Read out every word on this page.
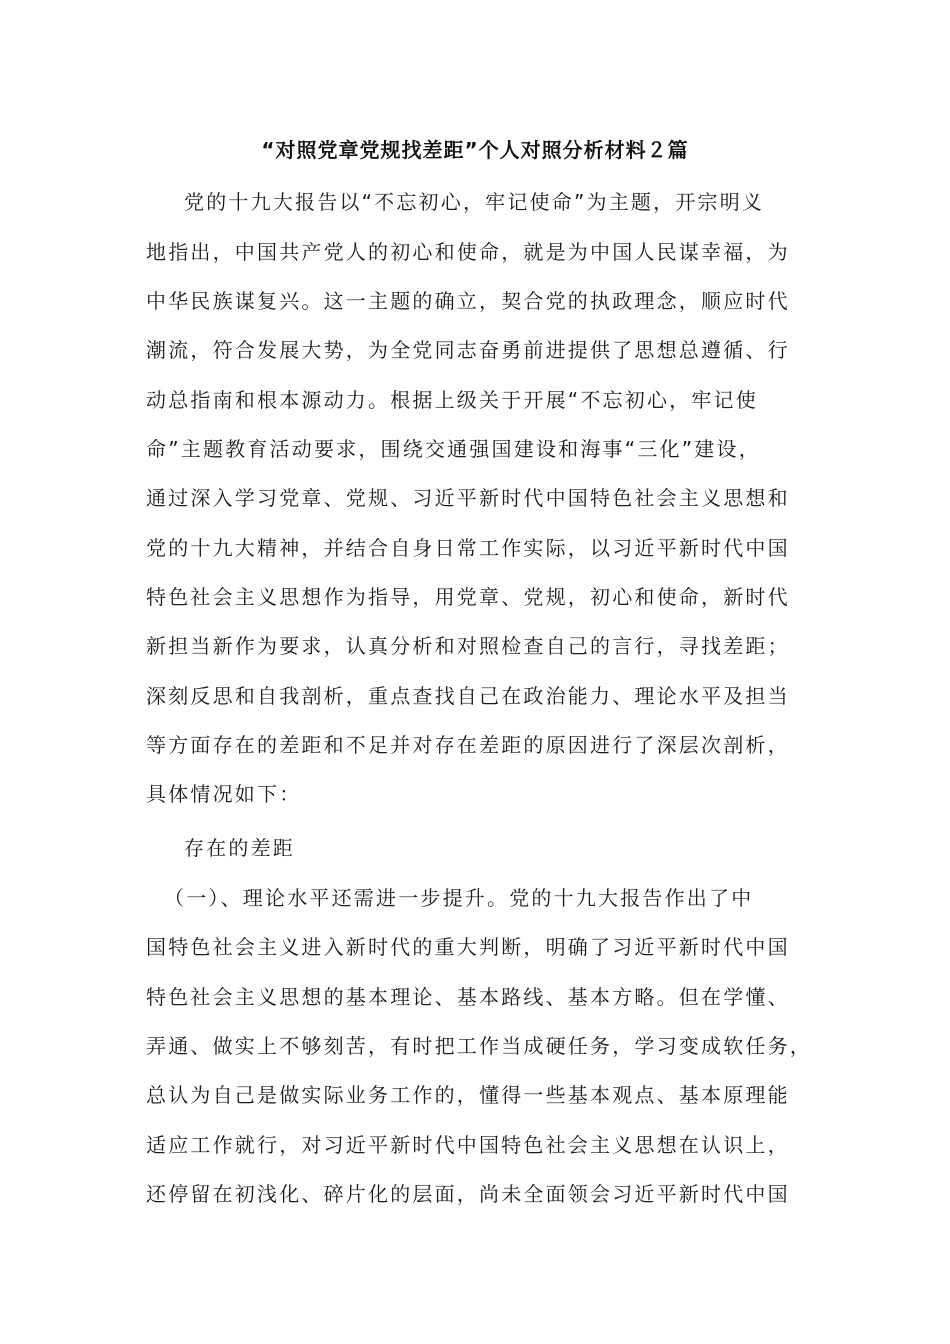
“对照党章党规找差距”个人对照分析材料２篇
党的十九大报告以“不忘初心，牢记使命”为主题，开宗明义
地指出，中国共产党人的初心和使命，就是为中国人民谋幸福，为
中华民族谋复兴。这一主题的确立，契合党的执政理念，顺应时代
潮流，符合发展大势，为全党同志奋勇前进提供了思想总遵循、行
动总指南和根本源动力。根据上级关于开展“不忘初心，牢记使
命”主题教育活动要求，围绕交通强国建设和海事“三化”建设，
通过深入学习党章、党规、习近平新时代中国特色社会主义思想和
党的十九大精神，并结合自身日常工作实际，以习近平新时代中国
特色社会主义思想作为指导，用党章、党规，初心和使命，新时代
新担当新作为要求，认真分析和对照检查自己的言行，寻找差距；
深刻反思和自我剖析，重点查找自己在政治能力、理论水平及担当
等方面存在的差距和不足并对存在差距的原因进行了深层次剖析，
具体情况如下：
存在的差距
（一）、理论水平还需进一步提升。党的十九大报告作出了中
国特色社会主义进入新时代的重大判断，明确了习近平新时代中国
特色社会主义思想的基本理论、基本路线、基本方略。但在学懂、
弄通、做实上不够刻苦，有时把工作当成硬任务，学习变成软任务，
总认为自己是做实际业务工作的，懂得一些基本观点、基本原理能
适应工作就行，对习近平新时代中国特色社会主义思想在认识上，
还停留在初浅化、碎片化的层面，尚未全面领会习近平新时代中国
